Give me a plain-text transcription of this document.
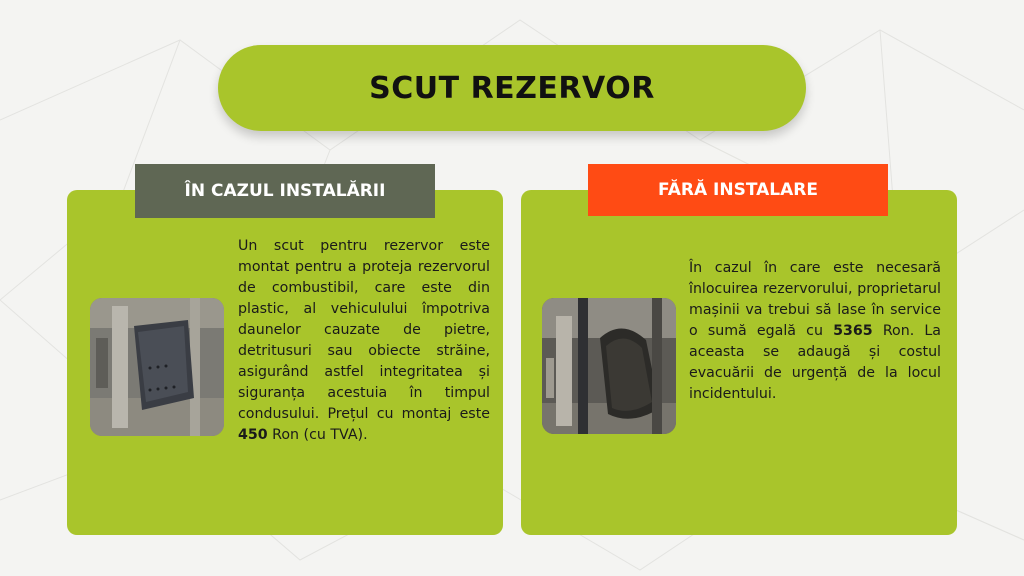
SCUT REZERVOR
ÎN CAZUL INSTALĂRII	FĂRĂ INSTALARE

Un scut pentru rezervor este montat pentru a proteja rezervorul de combustibil, care este din plastic, al vehiculului împotriva daunelor cauzate de pietre, detritusuri sau obiecte străine, asigurând astfel integritatea și siguranța acestuia în timpul condusului. Prețul cu montaj este 450 Ron (cu TVA).

În cazul în care este necesară înlocuirea rezervorului, proprietarul mașinii va trebui să lase în service o sumă egală cu 5365 Ron. La aceasta se adaugă și costul evacuării de urgență de la locul incidentului.
